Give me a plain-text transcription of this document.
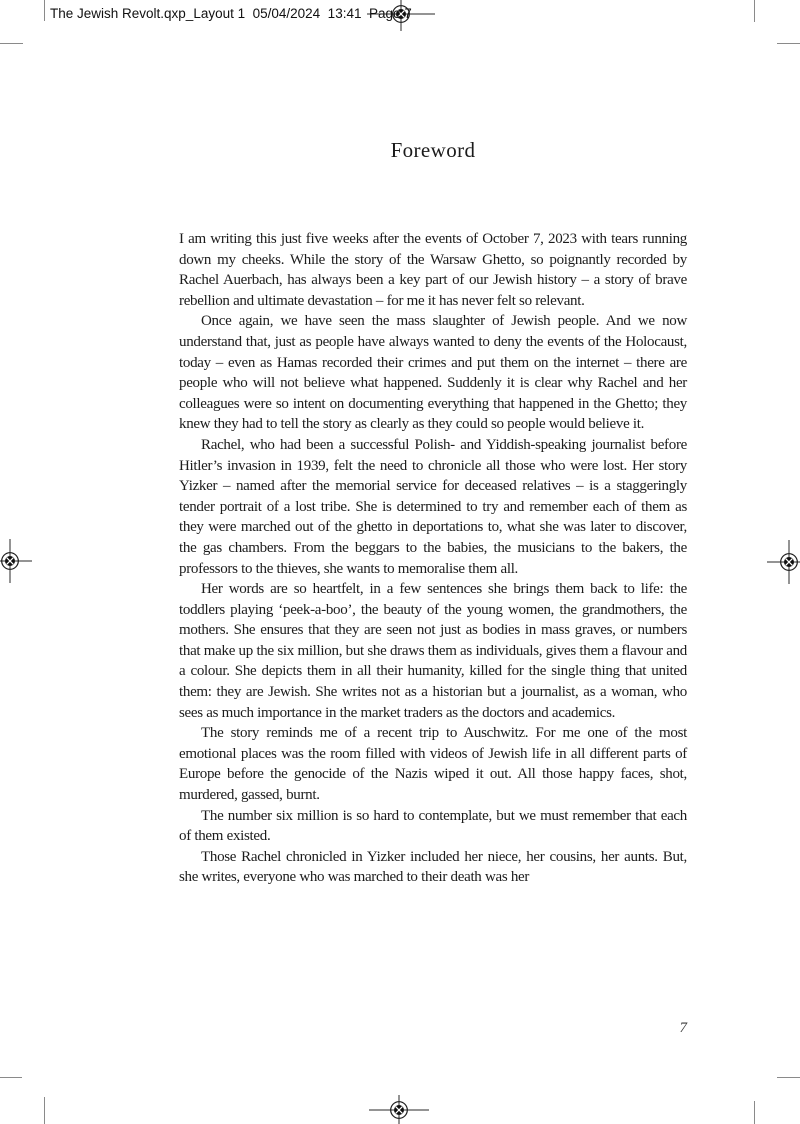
The Jewish Revolt.qxp_Layout 1  05/04/2024  13:41  Page 7
Foreword

I am writing this just five weeks after the events of October 7, 2023 with tears running down my cheeks. While the story of the Warsaw Ghetto, so poignantly recorded by Rachel Auerbach, has always been a key part of our Jewish history – a story of brave rebellion and ultimate devastation – for me it has never felt so relevant.

Once again, we have seen the mass slaughter of Jewish people. And we now understand that, just as people have always wanted to deny the events of the Holocaust, today – even as Hamas recorded their crimes and put them on the internet – there are people who will not believe what happened. Suddenly it is clear why Rachel and her colleagues were so intent on documenting everything that happened in the Ghetto; they knew they had to tell the story as clearly as they could so people would believe it.

Rachel, who had been a successful Polish- and Yiddish-speaking journalist before Hitler’s invasion in 1939, felt the need to chronicle all those who were lost. Her story Yizker – named after the memorial service for deceased relatives – is a staggeringly tender portrait of a lost tribe. She is determined to try and remember each of them as they were marched out of the ghetto in deportations to, what she was later to discover, the gas chambers. From the beggars to the babies, the musicians to the bakers, the professors to the thieves, she wants to memoralise them all.

Her words are so heartfelt, in a few sentences she brings them back to life: the toddlers playing ‘peek-a-boo’, the beauty of the young women, the grandmothers, the mothers. She ensures that they are seen not just as bodies in mass graves, or numbers that make up the six million, but she draws them as individuals, gives them a flavour and a colour. She depicts them in all their humanity, killed for the single thing that united them: they are Jewish. She writes not as a historian but a journalist, as a woman, who sees as much importance in the market traders as the doctors and academics.

The story reminds me of a recent trip to Auschwitz. For me one of the most emotional places was the room filled with videos of Jewish life in all different parts of Europe before the genocide of the Nazis wiped it out. All those happy faces, shot, murdered, gassed, burnt.

The number six million is so hard to contemplate, but we must remember that each of them existed.

Those Rachel chronicled in Yizker included her niece, her cousins, her aunts. But, she writes, everyone who was marched to their death was her

7
